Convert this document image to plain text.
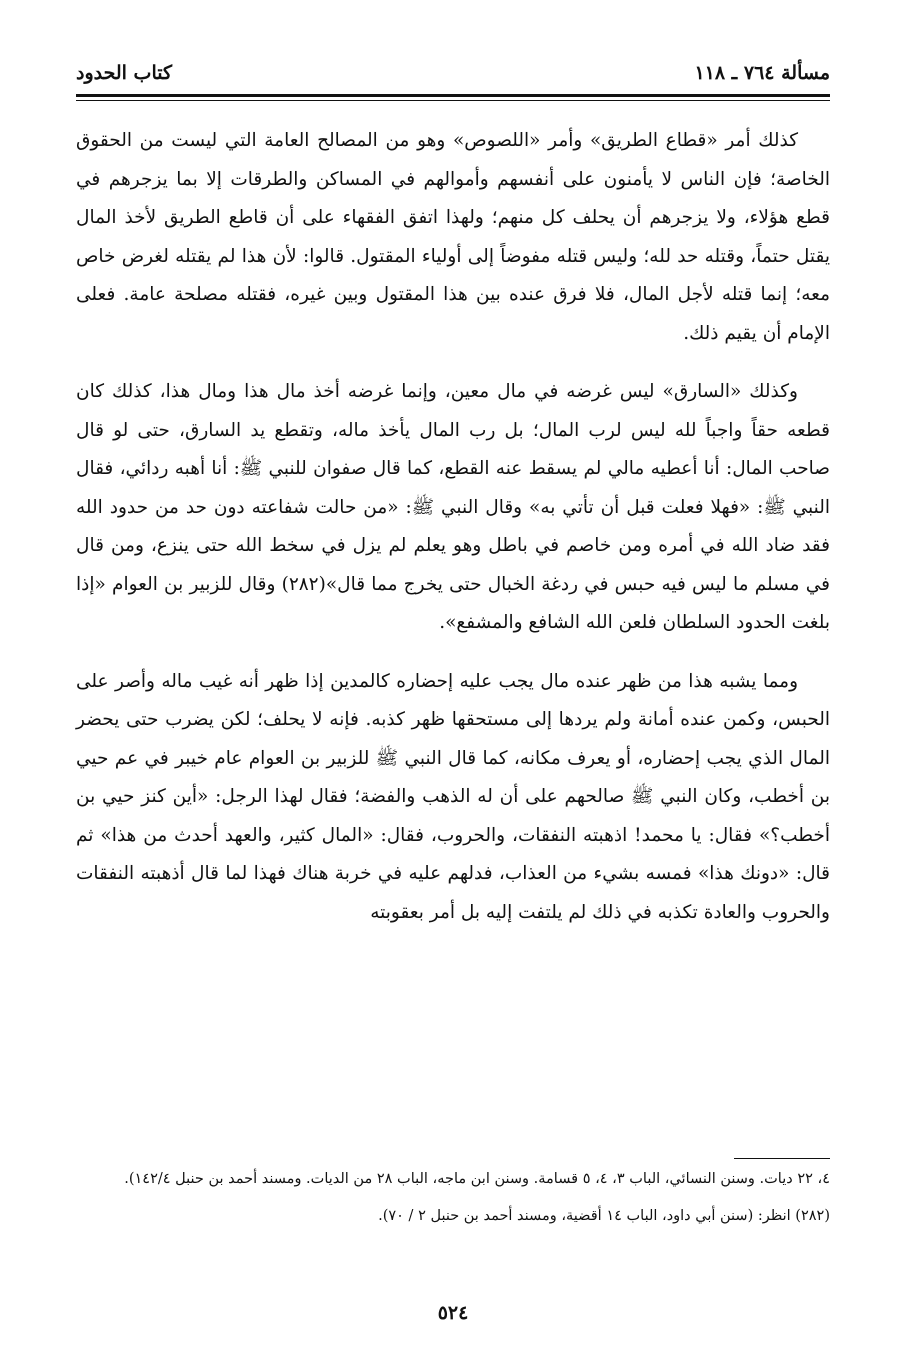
مسألة ٧٦٤ ـ ١١٨
كتاب الحدود

كذلك أمر «قطاع الطريق» وأمر «اللصوص» وهو من المصالح العامة التي ليست من الحقوق الخاصة؛ فإن الناس لا يأمنون على أنفسهم وأموالهم في المساكن والطرقات إلا بما يزجرهم في قطع هؤلاء، ولا يزجرهم أن يحلف كل منهم؛ ولهذا اتفق الفقهاء على أن قاطع الطريق لأخذ المال يقتل حتماً، وقتله حد لله؛ وليس قتله مفوضاً إلى أولياء المقتول. قالوا: لأن هذا لم يقتله لغرض خاص معه؛ إنما قتله لأجل المال، فلا فرق عنده بين هذا المقتول وبين غيره، فقتله مصلحة عامة. فعلى الإمام أن يقيم ذلك.

وكذلك «السارق» ليس غرضه في مال معين، وإنما غرضه أخذ مال هذا ومال هذا، كذلك كان قطعه حقاً واجباً لله ليس لرب المال؛ بل رب المال يأخذ ماله، وتقطع يد السارق، حتى لو قال صاحب المال: أنا أعطيه مالي لم يسقط عنه القطع، كما قال صفوان للنبي ﷺ: أنا أهبه ردائي، فقال النبي ﷺ: «فهلا فعلت قبل أن تأتي به» وقال النبي ﷺ: «من حالت شفاعته دون حد من حدود الله فقد ضاد الله في أمره ومن خاصم في باطل وهو يعلم لم يزل في سخط الله حتى ينزع، ومن قال في مسلم ما ليس فيه حبس في ردغة الخبال حتى يخرج مما قال»(٢٨٢) وقال للزبير بن العوام «إذا بلغت الحدود السلطان فلعن الله الشافع والمشفع».

ومما يشبه هذا من ظهر عنده مال يجب عليه إحضاره كالمدين إذا ظهر أنه غيب ماله وأصر على الحبس، وكمن عنده أمانة ولم يردها إلى مستحقها ظهر كذبه. فإنه لا يحلف؛ لكن يضرب حتى يحضر المال الذي يجب إحضاره، أو يعرف مكانه، كما قال النبي ﷺ للزبير بن العوام عام خيبر في عم حيي بن أخطب، وكان النبي ﷺ صالحهم على أن له الذهب والفضة؛ فقال لهذا الرجل: «أين كنز حيي بن أخطب؟» فقال: يا محمد! اذهبته النفقات، والحروب، فقال: «المال كثير، والعهد أحدث من هذا» ثم قال: «دونك هذا» فمسه بشيء من العذاب، فدلهم عليه في خربة هناك فهذا لما قال أذهبته النفقات والحروب والعادة تكذبه في ذلك لم يلتفت إليه بل أمر بعقوبته

٤، ٢٢ ديات. وسنن النسائي، الباب ٣، ٤، ٥ قسامة. وسنن ابن ماجه، الباب ٢٨ من الديات. ومسند أحمد بن حنبل ١٤٢/٤).

(٢٨٢) انظر: (سنن أبي داود، الباب ١٤ أقضية، ومسند أحمد بن حنبل ٢ / ٧٠).

٥٢٤
